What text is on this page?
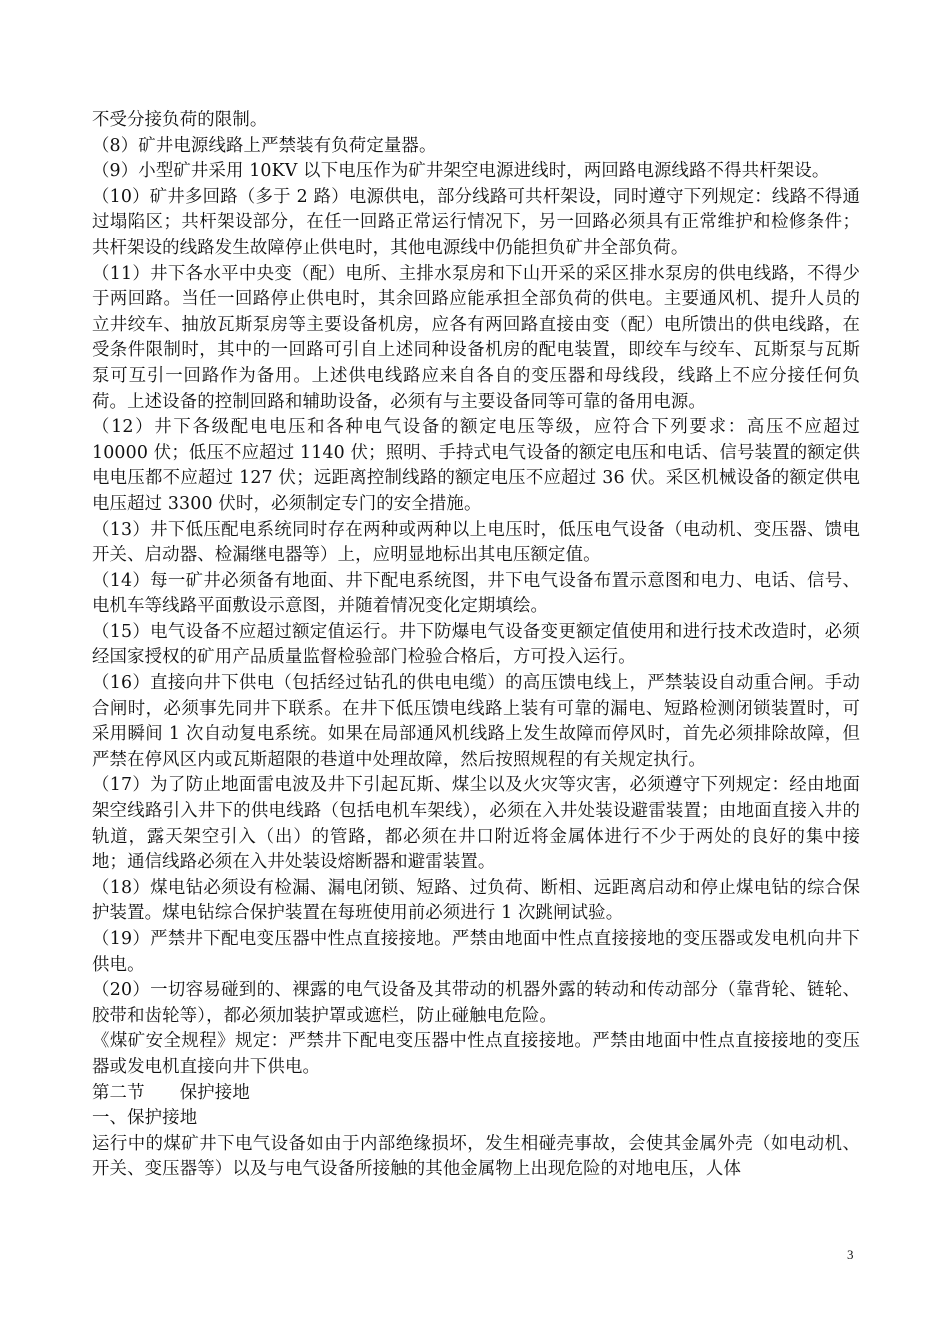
不受分接负荷的限制。

（8）矿井电源线路上严禁装有负荷定量器。

（9）小型矿井采用 10KV 以下电压作为矿井架空电源进线时，两回路电源线路不得共杆架设。

（10）矿井多回路（多于 2 路）电源供电，部分线路可共杆架设，同时遵守下列规定：线路不得通过塌陷区；共杆架设部分，在任一回路正常运行情况下，另一回路必须具有正常维护和检修条件；共杆架设的线路发生故障停止供电时，其他电源线中仍能担负矿井全部负荷。

（11）井下各水平中央变（配）电所、主排水泵房和下山开采的采区排水泵房的供电线路，不得少于两回路。当任一回路停止供电时，其余回路应能承担全部负荷的供电。主要通风机、提升人员的立井绞车、抽放瓦斯泵房等主要设备机房，应各有两回路直接由变（配）电所馈出的供电线路，在受条件限制时，其中的一回路可引自上述同种设备机房的配电装置，即绞车与绞车、瓦斯泵与瓦斯泵可互引一回路作为备用。上述供电线路应来自各自的变压器和母线段，线路上不应分接任何负荷。上述设备的控制回路和辅助设备，必须有与主要设备同等可靠的备用电源。

（12）井下各级配电电压和各种电气设备的额定电压等级，应符合下列要求：高压不应超过 10000 伏；低压不应超过 1140 伏；照明、手持式电气设备的额定电压和电话、信号装置的额定供电电压都不应超过 127 伏；远距离控制线路的额定电压不应超过 36 伏。采区机械设备的额定供电电压超过 3300 伏时，必须制定专门的安全措施。

（13）井下低压配电系统同时存在两种或两种以上电压时，低压电气设备（电动机、变压器、馈电开关、启动器、检漏继电器等）上，应明显地标出其电压额定值。

（14）每一矿井必须备有地面、井下配电系统图，井下电气设备布置示意图和电力、电话、信号、电机车等线路平面敷设示意图，并随着情况变化定期填绘。

（15）电气设备不应超过额定值运行。井下防爆电气设备变更额定值使用和进行技术改造时，必须经国家授权的矿用产品质量监督检验部门检验合格后，方可投入运行。

（16）直接向井下供电（包括经过钻孔的供电电缆）的高压馈电线上，严禁装设自动重合闸。手动合闸时，必须事先同井下联系。在井下低压馈电线路上装有可靠的漏电、短路检测闭锁装置时，可采用瞬间 1 次自动复电系统。如果在局部通风机线路上发生故障而停风时，首先必须排除故障，但严禁在停风区内或瓦斯超限的巷道中处理故障，然后按照规程的有关规定执行。

（17）为了防止地面雷电波及井下引起瓦斯、煤尘以及火灾等灾害，必须遵守下列规定：经由地面架空线路引入井下的供电线路（包括电机车架线），必须在入井处装设避雷装置；由地面直接入井的轨道，露天架空引入（出）的管路，都必须在井口附近将金属体进行不少于两处的良好的集中接地；通信线路必须在入井处装设熔断器和避雷装置。

（18）煤电钻必须设有检漏、漏电闭锁、短路、过负荷、断相、远距离启动和停止煤电钻的综合保护装置。煤电钻综合保护装置在每班使用前必须进行 1 次跳闸试验。

（19）严禁井下配电变压器中性点直接接地。严禁由地面中性点直接接地的变压器或发电机向井下供电。

（20）一切容易碰到的、裸露的电气设备及其带动的机器外露的转动和传动部分（靠背轮、链轮、胶带和齿轮等），都必须加装护罩或遮栏，防止碰触电危险。

《煤矿安全规程》规定：严禁井下配电变压器中性点直接接地。严禁由地面中性点直接接地的变压器或发电机直接向井下供电。

第二节　　保护接地

一、保护接地

运行中的煤矿井下电气设备如由于内部绝缘损坏，发生相碰壳事故，会使其金属外壳（如电动机、开关、变压器等）以及与电气设备所接触的其他金属物上出现危险的对地电压，人体

3
